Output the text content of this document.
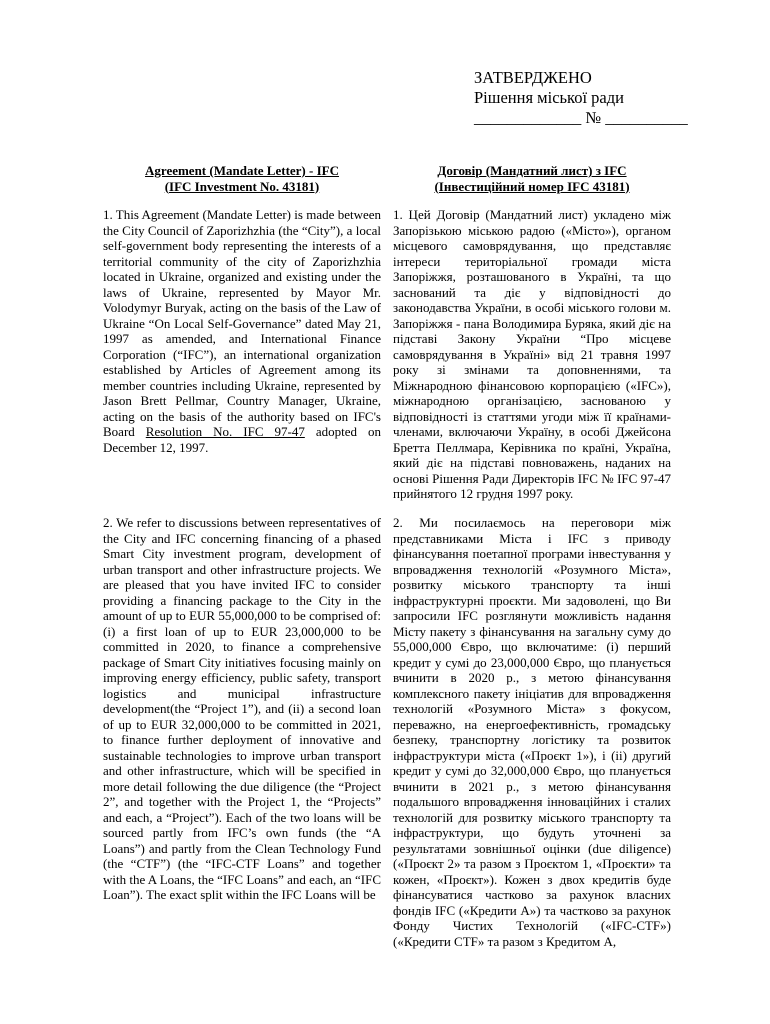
ЗАТВЕРДЖЕНО
Рішення міської ради
_____________ № __________
Agreement (Mandate Letter) - IFC
(IFC Investment No. 43181)
Договір (Мандатний лист) з IFC
(Інвестиційний номер IFC 43181)

1. This Agreement (Mandate Letter) is made between the City Council of Zaporizhzhia (the “City”), a local self-government body representing the interests of a territorial community of the city of Zaporizhzhia located in Ukraine, organized and existing under the laws of Ukraine, represented by Mayor Mr. Volodymyr Buryak, acting on the basis of the Law of Ukraine “On Local Self-Governance” dated May 21, 1997 as amended, and International Finance Corporation (“IFC”), an international organization established by Articles of Agreement among its member countries including Ukraine, represented by Jason Brett Pellmar, Country Manager, Ukraine, acting on the basis of the authority based on IFC's Board Resolution No. IFC 97-47 adopted on December 12, 1997.

1. Цей Договір (Мандатний лист) укладено між Запорізькою міською радою («Місто»), органом місцевого самоврядування, що представляє інтереси територіальної громади міста Запоріжжя, розташованого в Україні, та що заснований та діє у відповідності до законодавства України, в особі міського голови м. Запоріжжя - пана Володимира Буряка, який діє на підставі Закону України “Про місцеве самоврядування в Україні» від 21 травня 1997 року зі змінами та доповненнями, та Міжнародною фінансовою корпорацією («IFC»), міжнародною організацією, заснованою у відповідності із статтями угоди між її країнами-членами, включаючи Україну, в особі Джейсона Бретта Пеллмара, Керівника по країні, Україна, який діє на підставі повноважень, наданих на основі Рішення Ради Директорів IFC № IFC 97-47 прийнятого 12 грудня 1997 року.

2. We refer to discussions between representatives of the City and IFC concerning financing of a phased Smart City investment program, development of urban transport and other infrastructure projects. We are pleased that you have invited IFC to consider providing a financing package to the City in the amount of up to EUR 55,000,000 to be comprised of: (i) a first loan of up to EUR 23,000,000 to be committed in 2020, to finance a comprehensive package of Smart City initiatives focusing mainly on improving energy efficiency, public safety, transport logistics and municipal infrastructure development(the “Project 1”), and (ii) a second loan of up to EUR 32,000,000 to be committed in 2021, to finance further deployment of innovative and sustainable technologies to improve urban transport and other infrastructure, which will be specified in more detail following the due diligence (the “Project 2”, and together with the Project 1, the “Projects” and each, a “Project”). Each of the two loans will be sourced partly from IFC’s own funds (the “A Loans”) and partly from the Clean Technology Fund (the “CTF”) (the “IFC-CTF Loans” and together with the A Loans, the “IFC Loans” and each, an “IFC Loan”). The exact split within the IFC Loans will be

2. Ми посилаємось на переговори між представниками Міста і IFC з приводу фінансування поетапної програми інвестування у впровадження технологій «Розумного Міста», розвитку міського транспорту та інші інфраструктурні проєкти. Ми задоволені, що Ви запросили IFC розглянути можливість надання Місту пакету з фінансування на загальну суму до 55,000,000 Євро, що включатиме: (і) перший кредит у сумі до 23,000,000 Євро, що планується вчинити в 2020 р., з метою фінансування комплексного пакету ініціатив для впровадження технологій «Розумного Міста» з фокусом, переважно, на енергоефективність, громадську безпеку, транспортну логістику та розвиток інфраструктури міста («Проєкт 1»), і (іі) другий кредит у сумі до 32,000,000 Євро, що планується вчинити в 2021 р., з метою фінансування подальшого впровадження інноваційних і сталих технологій для розвитку міського транспорту та інфраструктури, що будуть уточнені за результатами зовнішньої оцінки (due diligence) («Проєкт 2» та разом з Проєктом 1, «Проєкти» та кожен, «Проєкт»). Кожен з двох кредитів буде фінансуватися частково за рахунок власних фондів IFC («Кредити А») та частково за рахунок Фонду Чистих Технологій («IFC-CTF») («Кредити CTF» та разом з Кредитом А,
